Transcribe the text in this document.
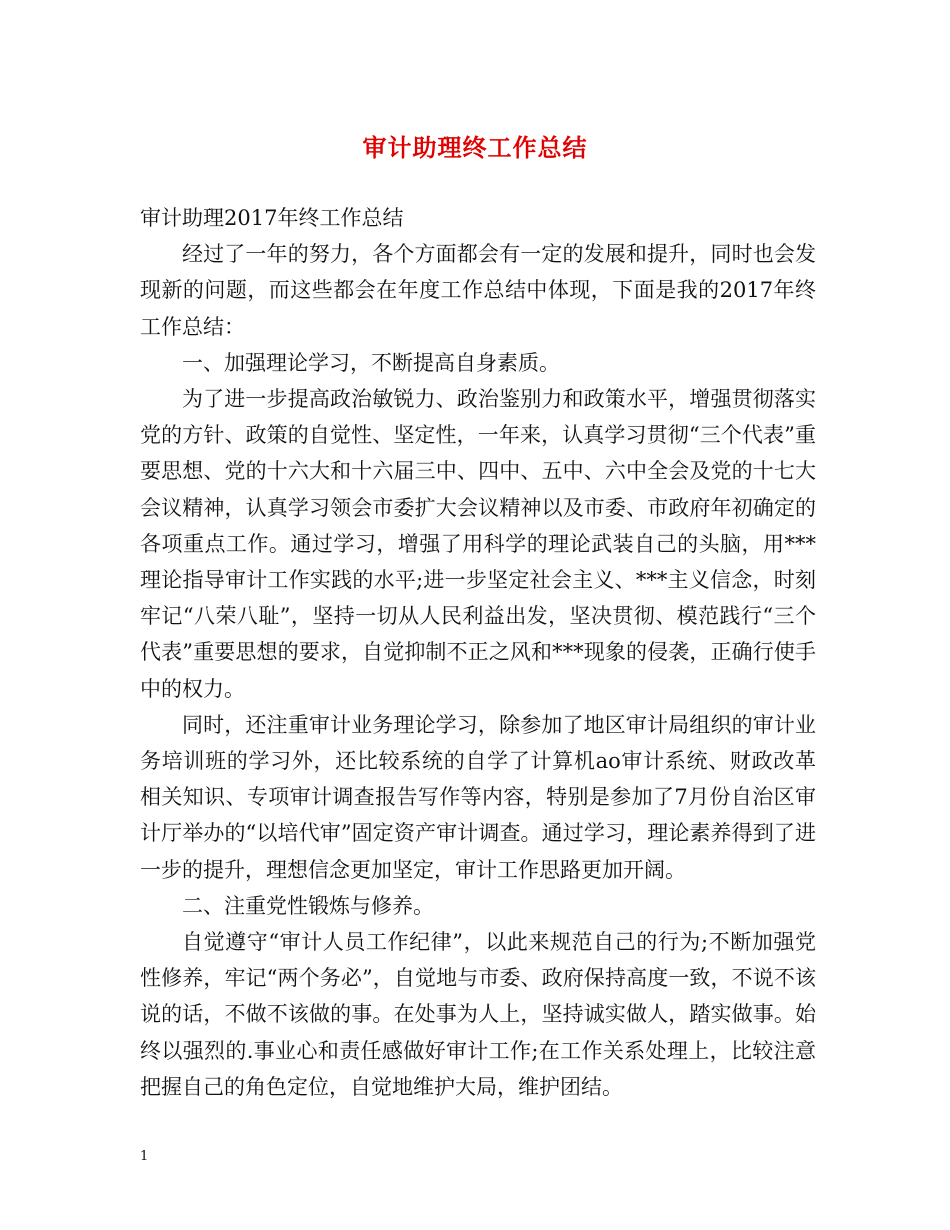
审计助理终工作总结

审计助理2017年终工作总结

经过了一年的努力，各个方面都会有一定的发展和提升，同时也会发现新的问题，而这些都会在年度工作总结中体现，下面是我的2017年终工作总结：

一、加强理论学习，不断提高自身素质。

为了进一步提高政治敏锐力、政治鉴别力和政策水平，增强贯彻落实党的方针、政策的自觉性、坚定性，一年来，认真学习贯彻“三个代表”重要思想、党的十六大和十六届三中、四中、五中、六中全会及党的十七大会议精神，认真学习领会市委扩大会议精神以及市委、市政府年初确定的各项重点工作。通过学习，增强了用科学的理论武装自己的头脑，用***理论指导审计工作实践的水平;进一步坚定社会主义、***主义信念，时刻牢记“八荣八耻”，坚持一切从人民利益出发，坚决贯彻、模范践行“三个代表”重要思想的要求，自觉抑制不正之风和***现象的侵袭，正确行使手中的权力。

同时，还注重审计业务理论学习，除参加了地区审计局组织的审计业务培训班的学习外，还比较系统的自学了计算机ao审计系统、财政改革相关知识、专项审计调查报告写作等内容，特别是参加了7月份自治区审计厅举办的“以培代审”固定资产审计调查。通过学习，理论素养得到了进一步的提升，理想信念更加坚定，审计工作思路更加开阔。

二、注重党性锻炼与修养。

自觉遵守“审计人员工作纪律”，以此来规范自己的行为;不断加强党性修养，牢记“两个务必”，自觉地与市委、政府保持高度一致，不说不该说的话，不做不该做的事。在处事为人上，坚持诚实做人，踏实做事。始终以强烈的.事业心和责任感做好审计工作;在工作关系处理上，比较注意把握自己的角色定位，自觉地维护大局，维护团结。

1
